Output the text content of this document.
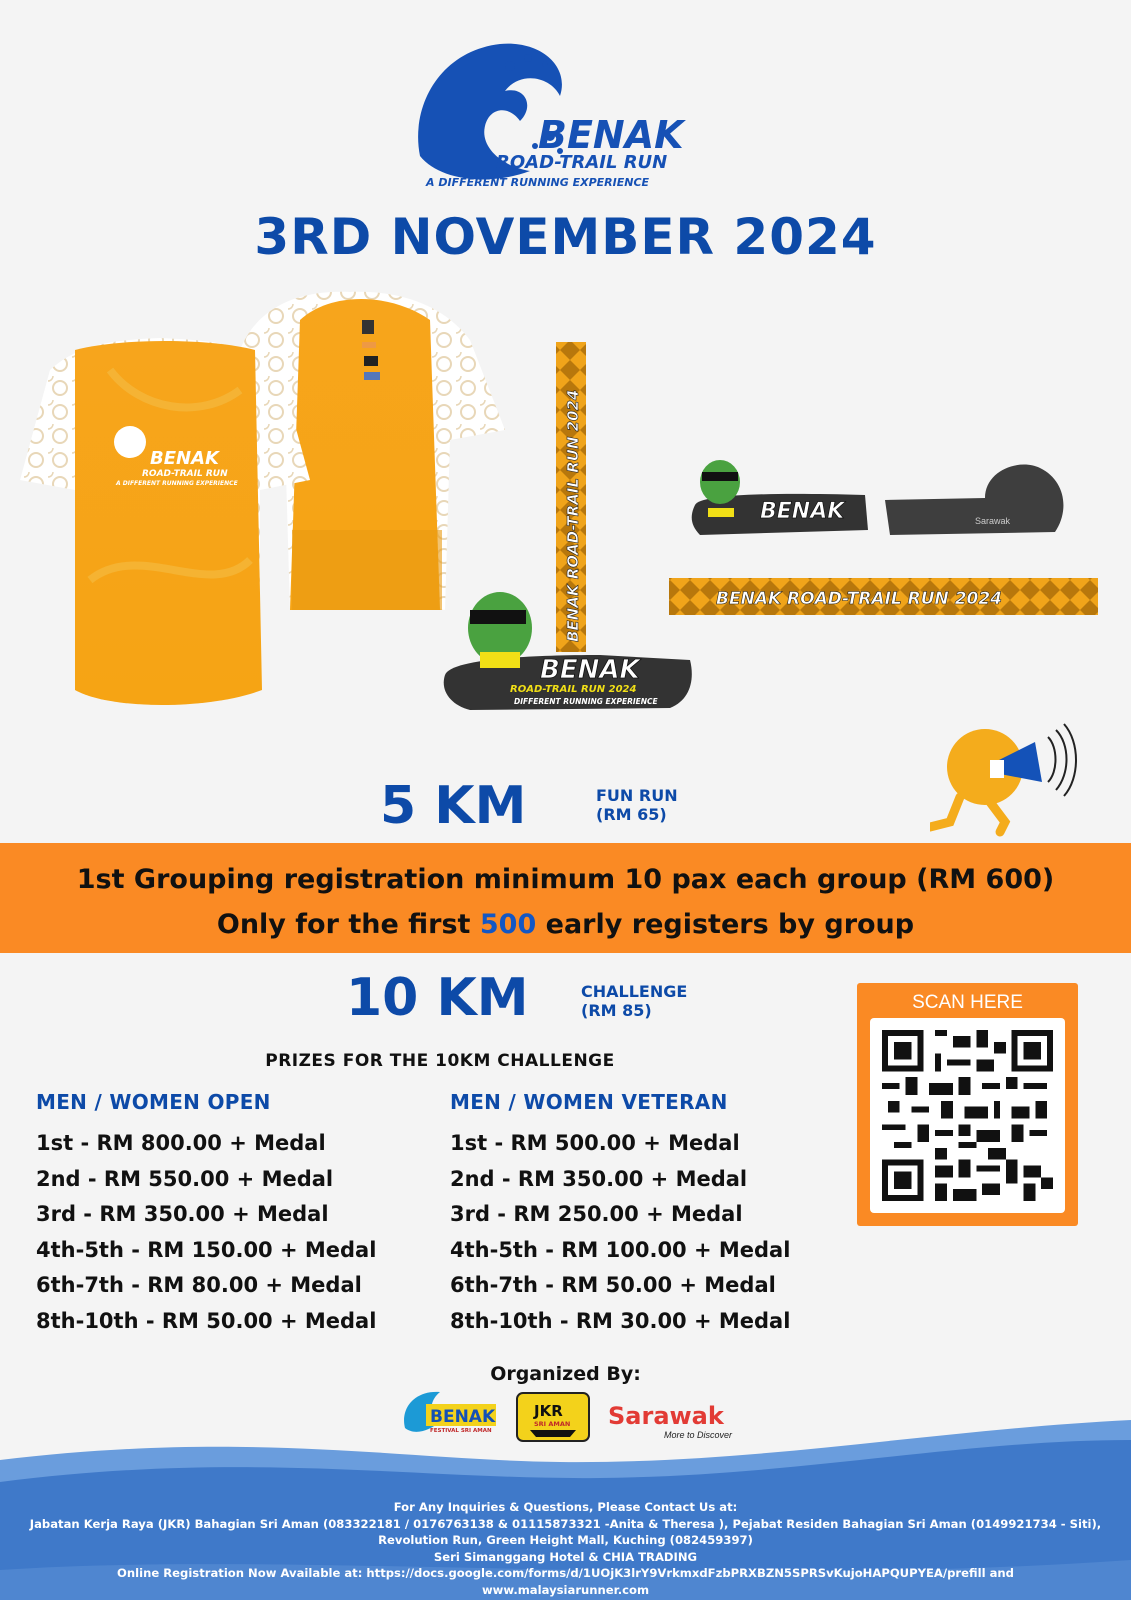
BENAK
ROAD-TRAIL RUN
A DIFFERENT RUNNING EXPERIENCE
3RD NOVEMBER 2024
BENAK
ROAD-TRAIL RUN
A DIFFERENT RUNNING EXPERIENCE	BENAK ROAD-TRAIL RUN 2024
BENAK
ROAD-TRAIL RUN 2024
DIFFERENT RUNNING EXPERIENCE
BENAK	Sarawak
BENAK ROAD-TRAIL RUN 2024
5 KM	FUN RUN
(RM 65)
1st Grouping registration minimum 10 pax each group (RM 600)
Only for the first 500 early registers by group
10 KM	CHALLENGE
(RM 85)
PRIZES FOR THE 10KM CHALLENGE
MEN / WOMEN OPEN
1st - RM 800.00 + Medal
2nd - RM 550.00 + Medal
3rd - RM 350.00 + Medal
4th-5th - RM 150.00 + Medal
6th-7th - RM 80.00 + Medal
8th-10th - RM 50.00 + Medal
MEN / WOMEN VETERAN
1st - RM 500.00 + Medal
2nd - RM 350.00 + Medal
3rd - RM 250.00 + Medal
4th-5th - RM 100.00 + Medal
6th-7th - RM 50.00 + Medal
8th-10th - RM 30.00 + Medal
SCAN HERE
Organized By:
BENAK
FESTIVAL SRI AMAN
JKR
SRI AMAN Sarawak
More to Discover
For Any Inquiries & Questions, Please Contact Us at:
Jabatan Kerja Raya (JKR) Bahagian Sri Aman (083322181 / 0176763138 & 0111587332​1 -Anita & Theresa ), Pejabat Residen Bahagian Sri Aman (0149921734 - Siti),
Revolution Run, Green Height Mall, Kuching (082459397)
Seri Simanggang Hotel & CHIA TRADING
Online Registration Now Available at: https://docs.google.com/forms/d/1UOjK3lrY9VrkmxdFzbPRXBZN5SPRSvKujoHAPQUPYEA/prefill and
www.malaysiarunner.com
